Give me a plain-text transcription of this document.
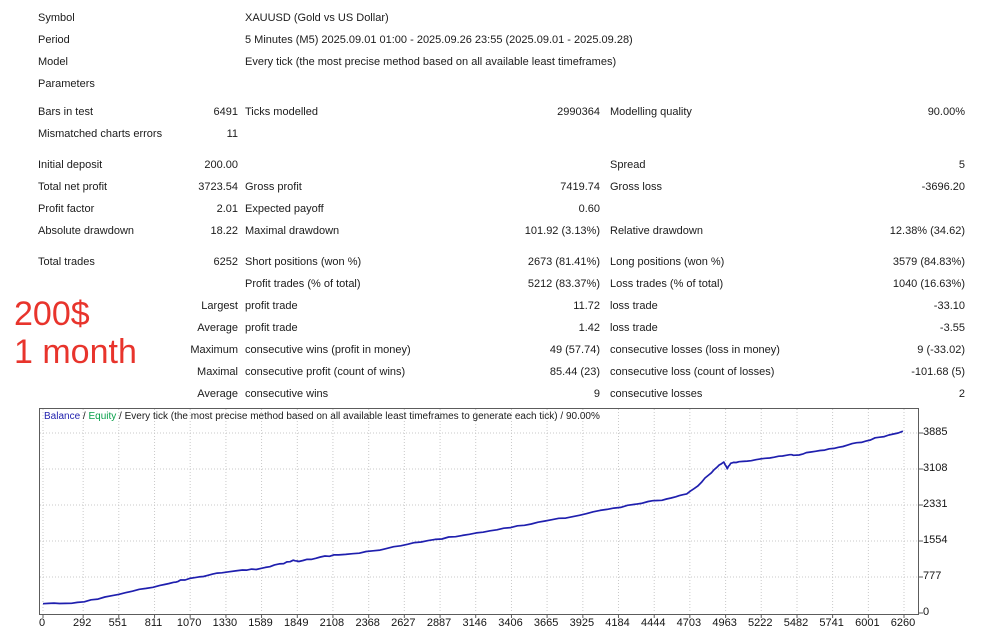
Symbol	XAUUSD (Gold vs US Dollar)
Period	5 Minutes (M5) 2025.09.01 01:00 - 2025.09.26 23:55 (2025.09.01 - 2025.09.28)
Model	Every tick (the most precise method based on all available least timeframes)
Parameters
Bars in test	6491 Ticks modelled	2990364 Modelling quality	90.00%
Mismatched charts errors	11
Initial deposit	200.00	Spread	5
Total net profit	3723.54 Gross profit	7419.74 Gross loss	-3696.20
Profit factor	2.01 Expected payoff	0.60
Absolute drawdown	18.22 Maximal drawdown	101.92 (3.13%) Relative drawdown	12.38% (34.62)
Total trades	6252 Short positions (won %)	2673 (81.41%) Long positions (won %)	3579 (84.83%)
Profit trades (% of total)	5212 (83.37%) Loss trades (% of total)	1040 (16.63%)
Largest profit trade	11.72 loss trade	-33.10
Average profit trade	1.42 loss trade	-3.55
Maximum consecutive wins (profit in money)	49 (57.74) consecutive losses (loss in money)	9 (-33.02)
Maximal consecutive profit (count of wins)	85.44 (23) consecutive loss (count of losses)	-101.68 (5)
Average consecutive wins	9 consecutive losses	2
200$
1 month
Balance / Equity / Every tick (the most precise method based on all available least timeframes to generate each tick) / 90.00%
0	292 551 811 1070 1330 1589 1849 2108 2368 2627 2887 3146 3406 3665 3925 4184 4444 4703 4963 5222 5482 5741 6001 6260
0
777
1554
2331
3108
3885
